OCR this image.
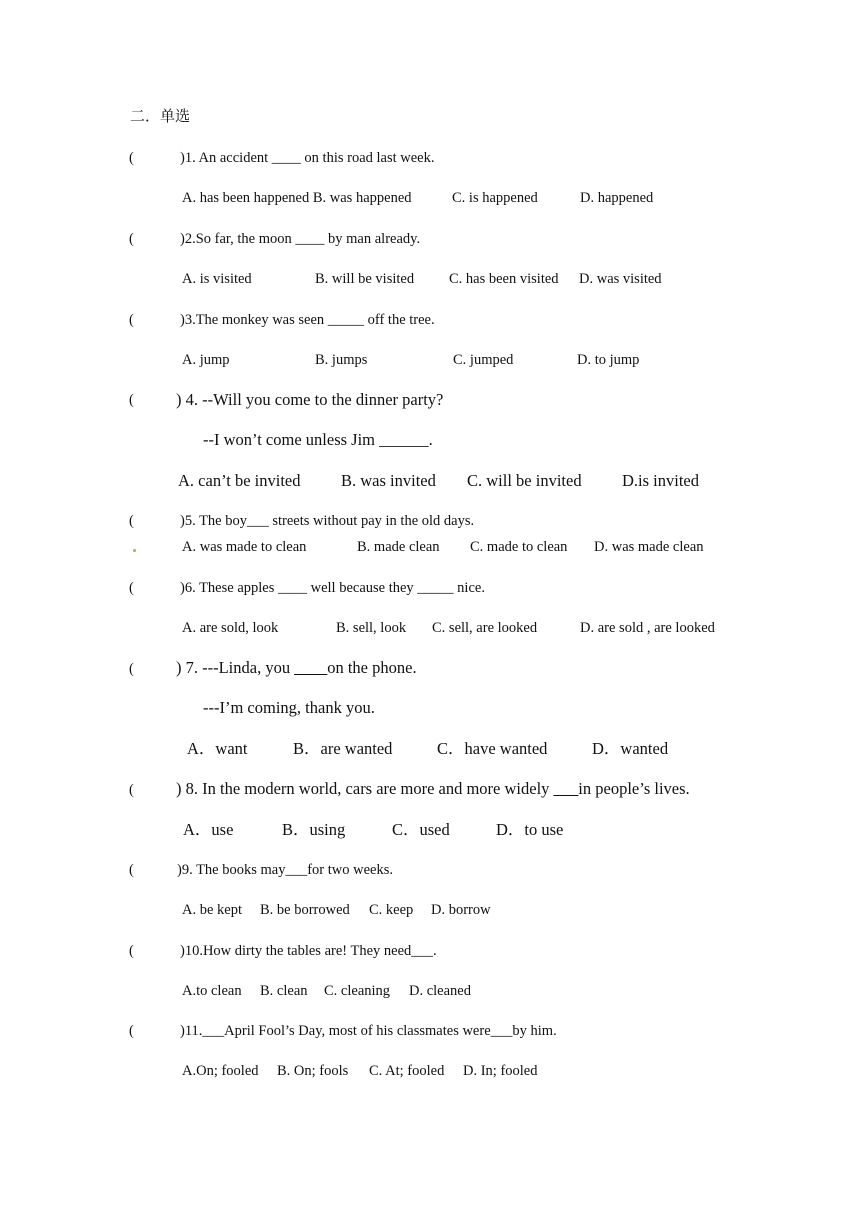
二．单选
(	)1. An accident ____ on this road last week.
A. has been happened B. was happened	C. is happened	D. happened
(	)2.So far, the moon ____ by man already.
A. is visited	B. will be visited C. has been visited D. was visited
(	)3.The monkey was seen _____ off the tree.
A. jump	B. jumps	C. jumped	D. to jump
(	) 4. --Will you come to the dinner party?
--I won’t come unless Jim ______.
A. can’t be invited B. was invited C. will be invited D.is invited
(	)5. The boy___ streets without pay in the old days.
A. was made to clean	B. made clean C. made to clean D. was made clean
(	)6. These apples ____ well because they _____ nice.
A. are sold, look	B. sell, look C. sell, are looked	D. are sold , are looked
(	) 7. ---Linda, you ____on the phone.
---I’m coming, thank you.
A．want	B．are wanted	C．have wanted	D．wanted
(	) 8. In the modern world, cars are more and more widely ___in people’s lives.
A．use	B．using	C．used	D．to use
(	)9. The books may___for two weeks.
A. be kept B. be borrowed C. keep D. borrow
(	)10.How dirty the tables are! They need___.
A.to clean B. clean C. cleaning D. cleaned
(	)11.___April Fool’s Day, most of his classmates were___by him.
A.On; fooled B. On; fools C. At; fooled D. In; fooled
